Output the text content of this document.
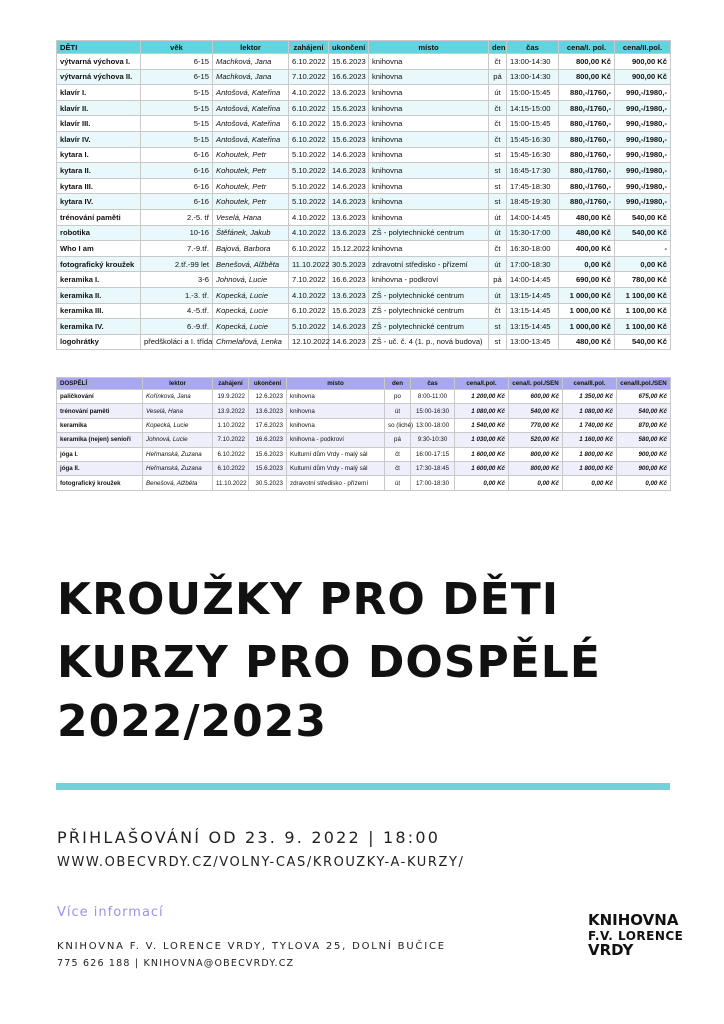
DĚTI	věk	lektor	zahájení	ukončení	místo	den	čas	cena/I. pol.	cena/II.pol.
výtvarná výchova I.	6-15	Machková, Jana	6.10.2022	15.6.2023	knihovna	čt	13:00-14:30	800,00 Kč	900,00 Kč
výtvarná výchova II.	6-15	Machková, Jana	7.10.2022	16.6.2023	knihovna	pá	13:00-14:30	800,00 Kč	900,00 Kč
klavír I.	5-15	Antošová, Kateřina	4.10.2022	13.6.2023	knihovna	út	15:00-15:45	880,-/1760,-	990,-/1980,-
klavír II.	5-15	Antošová, Kateřina	6.10.2022	15.6.2023	knihovna	čt	14:15-15:00	880,-/1760,-	990,-/1980,-
klavír III.	5-15	Antošová, Kateřina	6.10.2022	15.6.2023	knihovna	čt	15:00-15:45	880,-/1760,-	990,-/1980,-
klavír IV.	5-15	Antošová, Kateřina	6.10.2022	15.6.2023	knihovna	čt	15:45-16:30	880,-/1760,-	990,-/1980,-
kytara I.	6-16	Kohoutek, Petr	5.10.2022	14.6.2023	knihovna	st	15:45-16:30	880,-/1760,-	990,-/1980,-
kytara II.	6-16	Kohoutek, Petr	5.10.2022	14.6.2023	knihovna	st	16:45-17:30	880,-/1760,-	990,-/1980,-
kytara III.	6-16	Kohoutek, Petr	5.10.2022	14.6.2023	knihovna	st	17:45-18:30	880,-/1760,-	990,-/1980,-
kytara IV.	6-16	Kohoutek, Petr	5.10.2022	14.6.2023	knihovna	st	18:45-19:30	880,-/1760,-	990,-/1980,-
trénování paměti	2.-5. tř	Veselá, Hana	4.10.2022	13.6.2023	knihovna	út	14:00-14:45	480,00 Kč	540,00 Kč
robotika	10-16	Štěfánek, Jakub	4.10.2022	13.6.2023	ZŠ - polytechnické centrum	út	15:30-17:00	480,00 Kč	540,00 Kč
Who I am	7.-9.tř.	Bajová, Barbora	6.10.2022	15.12.2022	knihovna	čt	16:30-18:00	400,00 Kč	-
fotografický kroužek	2.tř.-99 let	Benešová, Alžběta	11.10.2022	30.5.2023	zdravotní středisko - přízemí	út	17:00-18:30	0,00 Kč	0,00 Kč
keramika I.	3-6	Johnová, Lucie	7.10.2022	16.6.2023	knihovna - podkroví	pá	14:00-14:45	690,00 Kč	780,00 Kč
keramika II.	1.-3. tř.	Kopecká, Lucie	4.10.2022	13.6.2023	ZŠ - polytechnické centrum	út	13:15-14:45	1 000,00 Kč	1 100,00 Kč
keramika III.	4.-5.tř.	Kopecká, Lucie	6.10.2022	15.6.2023	ZŠ - polytechnické centrum	čt	13:15-14:45	1 000,00 Kč	1 100,00 Kč
keramika IV.	6.-9.tř.	Kopecká, Lucie	5.10.2022	14.6.2023	ZŠ - polytechnické centrum	st	13:15-14:45	1 000,00 Kč	1 100,00 Kč
logohrátky	předškoláci a I. třída	Chmelařová, Lenka	12.10.2022	14.6.2023	ZŠ - uč. č. 4 (1. p., nová budova)	st	13:00-13:45	480,00 Kč	540,00 Kč
DOSPĚLÍ	lektor	zahájení	ukončení	místo	den	čas	cena/I.pol.	cena/I. pol./SEN	cena/II.pol.	cena/II.pol./SEN
paličkování	Kořínková, Jana	19.9.2022	12.6.2023	knihovna	po	8:00-11:00	1 200,00 Kč	600,00 Kč	1 350,00 Kč	675,00 Kč
trénování paměti	Veselá, Hana	13.9.2022	13.6.2023	knihovna	út	15:00-16:30	1 080,00 Kč	540,00 Kč	1 080,00 Kč	540,00 Kč
keramika	Kopecká, Lucie	1.10.2022	17.6.2023	knihovna	so (liché)	13:00-18:00	1 540,00 Kč	770,00 Kč	1 740,00 Kč	870,00 Kč
keramika (nejen) senioři	Johnová, Lucie	7.10.2022	16.6.2023	knihovna - podkroví	pá	9:30-10:30	1 030,00 Kč	520,00 Kč	1 160,00 Kč	580,00 Kč
jóga I.	Heřmanská, Zuzana	6.10.2022	15.6.2023	Kulturní dům Vrdy - malý sál	čt	16:00-17:15	1 600,00 Kč	800,00 Kč	1 800,00 Kč	900,00 Kč
jóga II.	Heřmanská, Zuzana	6.10.2022	15.6.2023	Kulturní dům Vrdy - malý sál	čt	17:30-18:45	1 600,00 Kč	800,00 Kč	1 800,00 Kč	900,00 Kč
fotografický kroužek	Benešová, Alžběta	11.10.2022	30.5.2023	zdravotní středisko - přízemí	út	17:00-18:30	0,00 Kč	0,00 Kč	0,00 Kč	0,00 Kč
KROUŽKY PRO DĚTI
KURZY PRO DOSPĚLÉ
2022/2023
PŘIHLAŠOVÁNÍ OD 23. 9. 2022 | 18:00
WWW.OBECVRDY.CZ/VOLNY-CAS/KROUZKY-A-KURZY/
Více informací
KNIHOVNA F. V. LORENCE VRDY, TYLOVA 25, DOLNÍ BUČICE
775 626 188 | KNIHOVNA@OBECVRDY.CZ
KNIHOVNA
F.V. LORENCE
VRDY
